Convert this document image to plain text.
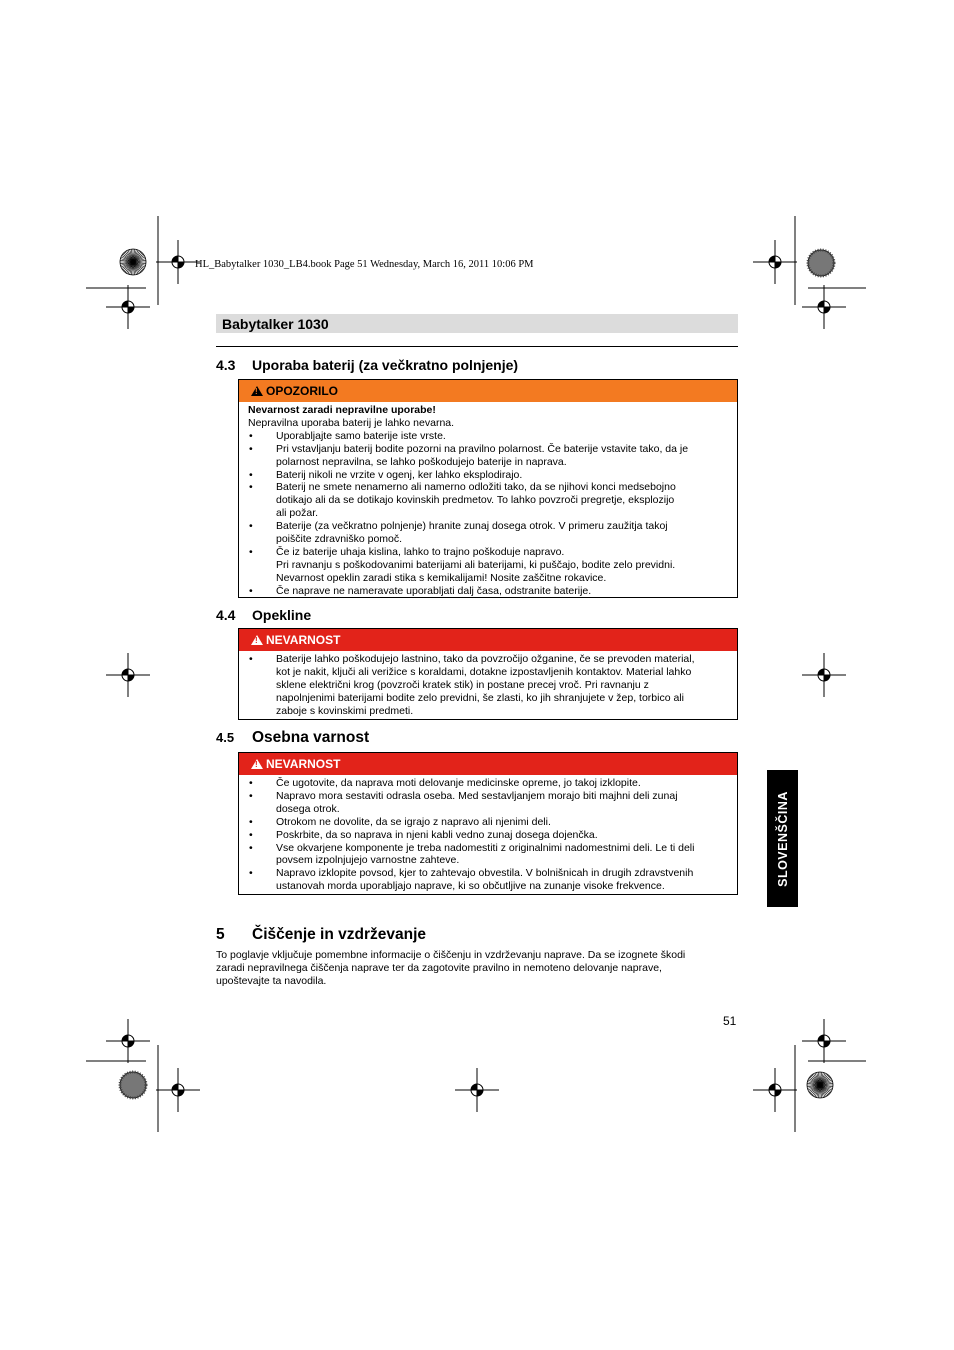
HL_Babytalker 1030_LB4.book Page 51 Wednesday, March 16, 2011 10:06 PM
Babytalker 1030
4.3 Uporaba baterij (za večkratno polnjenje)
!OPOZORILO
Nevarnost zaradi nepravilne uporabe!
Nepravilna uporaba baterij je lahko nevarna.
• Uporabljajte samo baterije iste vrste.
• Pri vstavljanju baterij bodite pozorni na pravilno polarnost. Če baterije vstavite tako, da je
polarnost nepravilna, se lahko poškodujejo baterije in naprava.
• Baterij nikoli ne vrzite v ogenj, ker lahko eksplodirajo.
• Baterij ne smete nenamerno ali namerno odložiti tako, da se njihovi konci medsebojno
dotikajo ali da se dotikajo kovinskih predmetov. To lahko povzroči pregretje, eksplozijo
ali požar.
• Baterije (za večkratno polnjenje) hranite zunaj dosega otrok. V primeru zaužitja takoj
poiščite zdravniško pomoč.
• Če iz baterije uhaja kislina, lahko to trajno poškoduje napravo.
Pri ravnanju s poškodovanimi baterijami ali baterijami, ki puščajo, bodite zelo previdni.
Nevarnost opeklin zaradi stika s kemikalijami! Nosite zaščitne rokavice.
• Če naprave ne nameravate uporabljati dalj časa, odstranite baterije.
4.4 Opekline
!NEVARNOST
• Baterije lahko poškodujejo lastnino, tako da povzročijo ožganine, če se prevoden material,
kot je nakit, ključi ali verižice s koraldami, dotakne izpostavljenih kontaktov. Material lahko
sklene električni krog (povzroči kratek stik) in postane precej vroč. Pri ravnanju z
napolnjenimi baterijami bodite zelo previdni, še zlasti, ko jih shranjujete v žep, torbico ali
zaboje s kovinskimi predmeti.
4.5 Osebna varnost
!NEVARNOST
• Če ugotovite, da naprava moti delovanje medicinske opreme, jo takoj izklopite.
• Napravo mora sestaviti odrasla oseba. Med sestavljanjem morajo biti majhni deli zunaj
dosega otrok.
• Otrokom ne dovolite, da se igrajo z napravo ali njenimi deli.
• Poskrbite, da so naprava in njeni kabli vedno zunaj dosega dojenčka.
• Vse okvarjene komponente je treba nadomestiti z originalnimi nadomestnimi deli. Le ti deli
povsem izpolnjujejo varnostne zahteve.
• Napravo izklopite povsod, kjer to zahtevajo obvestila. V bolnišnicah in drugih zdravstvenih
ustanovah morda uporabljajo naprave, ki so občutljive na zunanje visoke frekvence.
5 Čiščenje in vzdrževanje
To poglavje vključuje pomembne informacije o čiščenju in vzdrževanju naprave. Da se izognete škodi
zaradi nepravilnega čiščenja naprave ter da zagotovite pravilno in nemoteno delovanje naprave,
upoštevajte ta navodila.
51
SLOVENŠČINA
